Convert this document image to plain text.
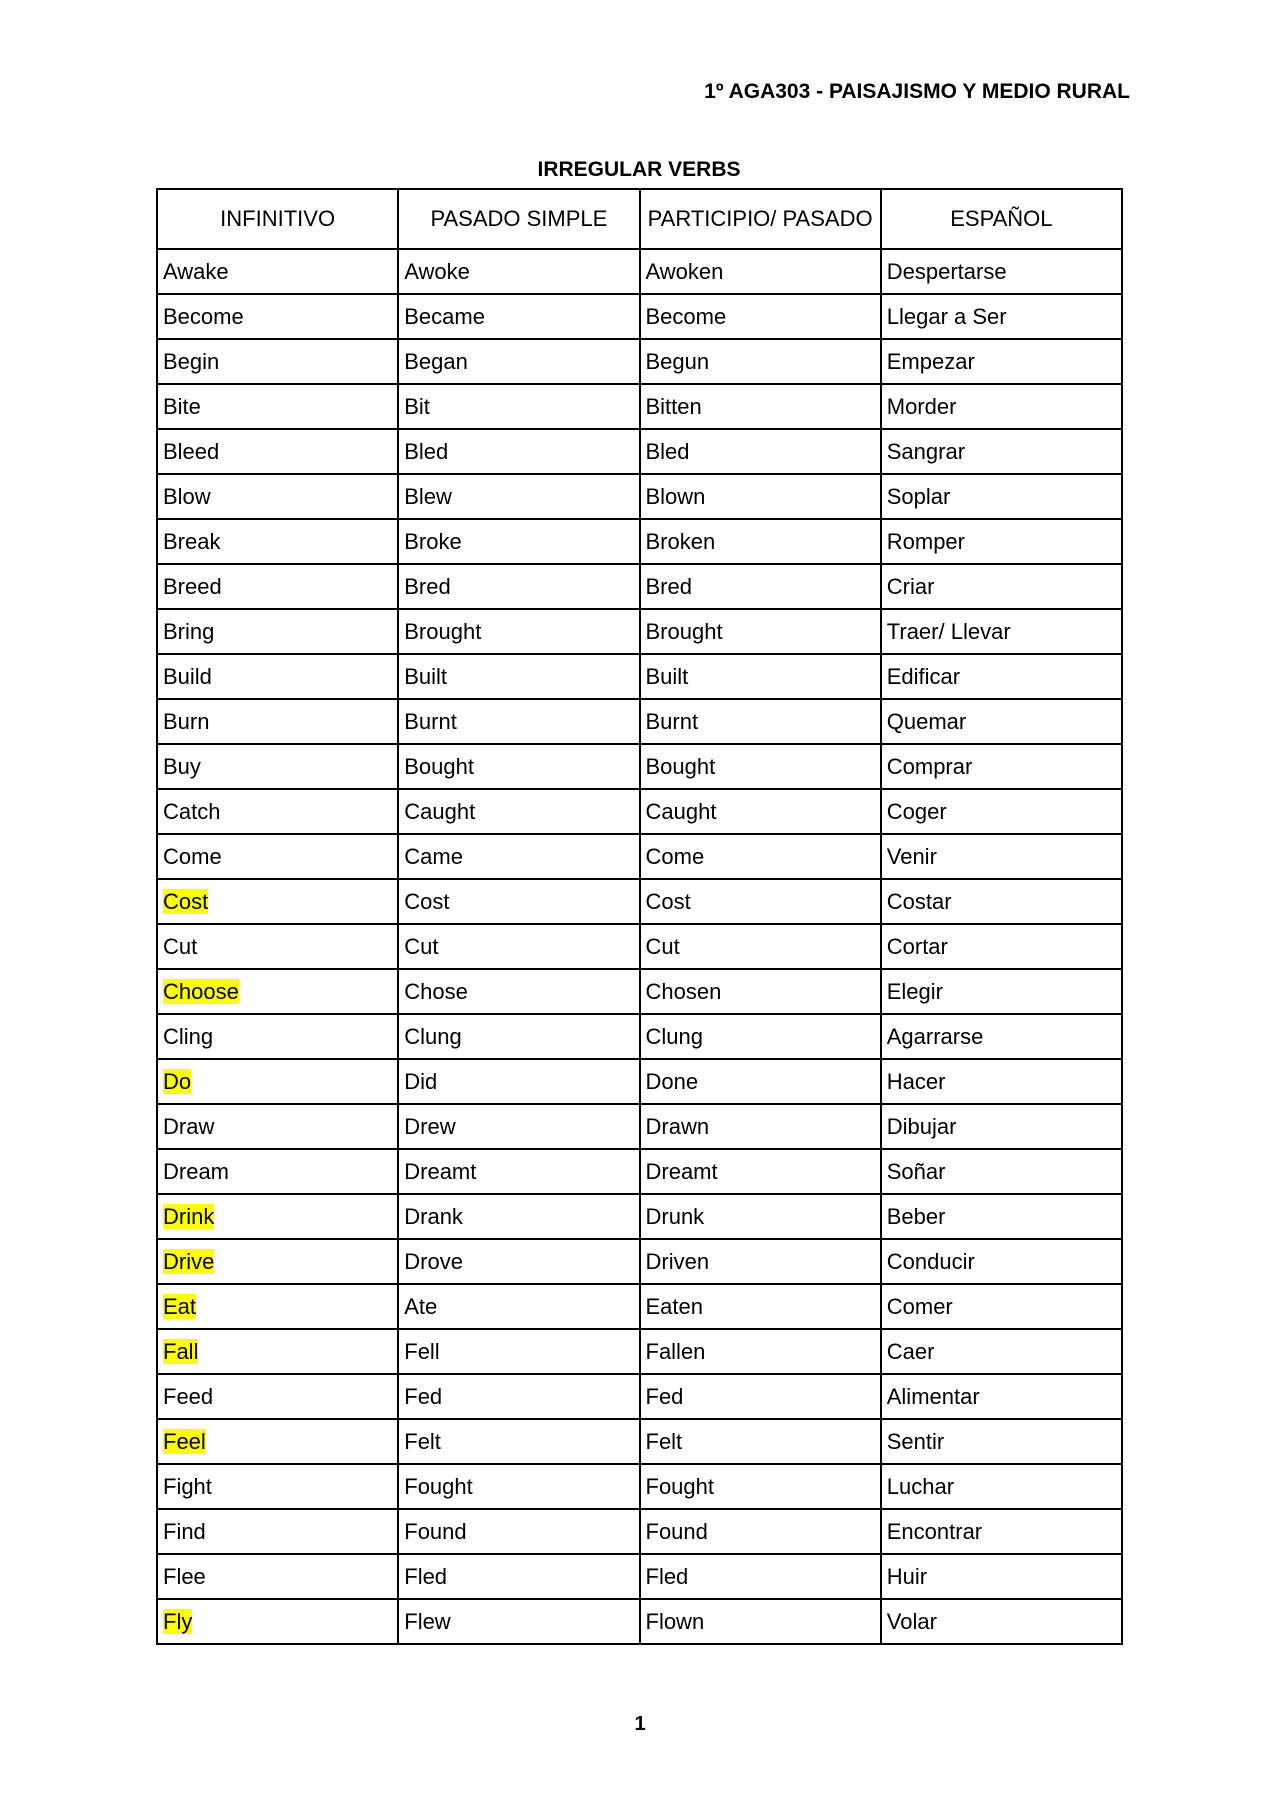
1º AGA303 - PAISAJISMO Y MEDIO RURAL
IRREGULAR VERBS
INFINITIVO	PASADO SIMPLE	PARTICIPIO/ PASADO	ESPAÑOL
Awake	Awoke	Awoken	Despertarse
Become	Became	Become	Llegar a Ser
Begin	Began	Begun	Empezar
Bite	Bit	Bitten	Morder
Bleed	Bled	Bled	Sangrar
Blow	Blew	Blown	Soplar
Break	Broke	Broken	Romper
Breed	Bred	Bred	Criar
Bring	Brought	Brought	Traer/ Llevar
Build	Built	Built	Edificar
Burn	Burnt	Burnt	Quemar
Buy	Bought	Bought	Comprar
Catch	Caught	Caught	Coger
Come	Came	Come	Venir
Cost	Cost	Cost	Costar
Cut	Cut	Cut	Cortar
Choose	Chose	Chosen	Elegir
Cling	Clung	Clung	Agarrarse
Do	Did	Done	Hacer
Draw	Drew	Drawn	Dibujar
Dream	Dreamt	Dreamt	Soñar
Drink	Drank	Drunk	Beber
Drive	Drove	Driven	Conducir
Eat	Ate	Eaten	Comer
Fall	Fell	Fallen	Caer
Feed	Fed	Fed	Alimentar
Feel	Felt	Felt	Sentir
Fight	Fought	Fought	Luchar
Find	Found	Found	Encontrar
Flee	Fled	Fled	Huir
Fly	Flew	Flown	Volar
1
